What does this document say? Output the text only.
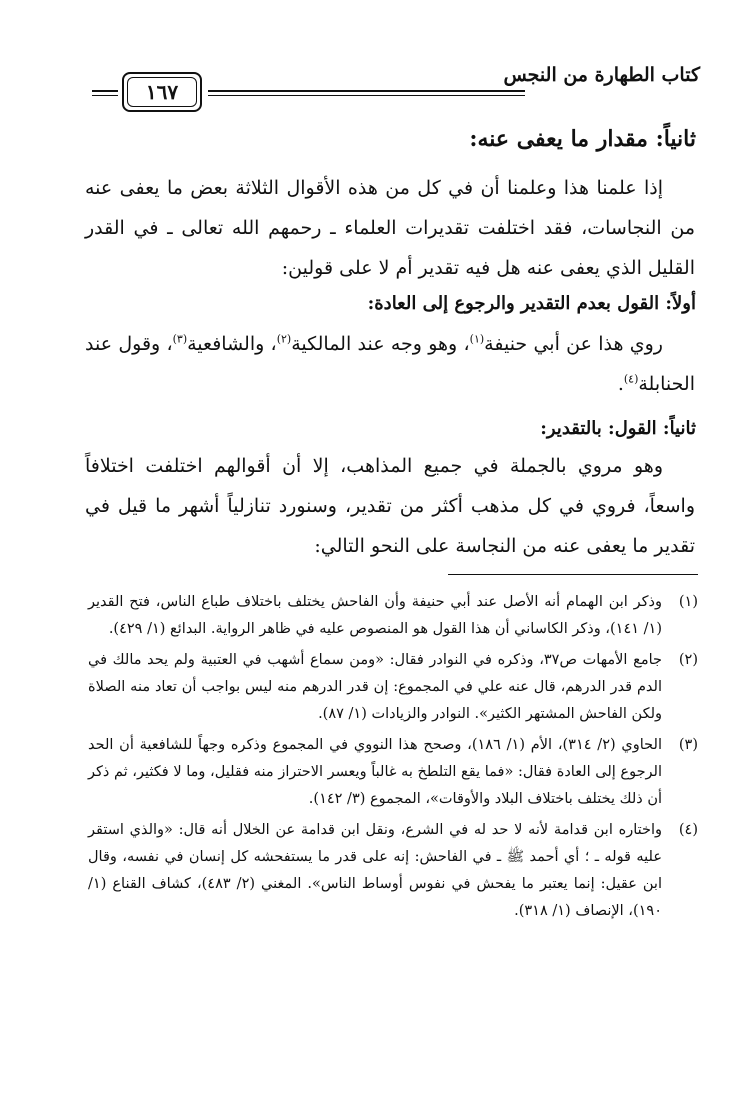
كتاب الطهارة من النجس
١٦٧
ثانياً: مقدار ما يعفى عنه:

إذا علمنا هذا وعلمنا أن في كل من هذه الأقوال الثلاثة بعض ما يعفى عنه من النجاسات، فقد اختلفت تقديرات العلماء ـ رحمهم الله تعالى ـ في القدر القليل الذي يعفى عنه هل فيه تقدير أم لا على قولين:

أولاً: القول بعدم التقدير والرجوع إلى العادة:

روي هذا عن أبي حنيفة$^{(١)}$، وهو وجه عند المالكية$^{(٢)}$، والشافعية$^{(٣)}$، وقول عند الحنابلة$^{(٤)}$.

ثانياً: القول: بالتقدير:

وهو مروي بالجملة في جميع المذاهب، إلا أن أقوالهم اختلفت اختلافاً واسعاً، فروي في كل مذهب أكثر من تقدير، وسنورد تنازلياً أشهر ما قيل في تقدير ما يعفى عنه من النجاسة على النحو التالي:

(١)
وذكر ابن الهمام أنه الأصل عند أبي حنيفة وأن الفاحش يختلف باختلاف طباع الناس، فتح القدير (١/ ١٤١)، وذكر الكاساني أن هذا القول هو المنصوص عليه في ظاهر الرواية. البدائع (١/ ٤٢٩).
(٢)
جامع الأمهات ص٣٧، وذكره في النوادر فقال: «ومن سماع أشهب في العتبية ولم يحد مالك في الدم قدر الدرهم، قال عنه علي في المجموع: إن قدر الدرهم منه ليس بواجب أن تعاد منه الصلاة ولكن الفاحش المشتهر الكثير». النوادر والزيادات (١/ ٨٧).
(٣)
الحاوي (٢/ ٣١٤)، الأم (١/ ١٨٦)، وصحح هذا النووي في المجموع وذكره وجهاً للشافعية أن الحد الرجوع إلى العادة فقال: «فما يقع التلطخ به غالباً ويعسر الاحتراز منه فقليل، وما لا فكثير، ثم ذكر أن ذلك يختلف باختلاف البلاد والأوقات»، المجموع (٣/ ١٤٢).
(٤)
واختاره ابن قدامة لأنه لا حد له في الشرع، ونقل ابن قدامة عن الخلال أنه قال: «والذي استقر عليه قوله ـ ؛ أي أحمد ﷺ ـ في الفاحش: إنه على قدر ما يستفحشه كل إنسان في نفسه، وقال ابن عقيل: إنما يعتبر ما يفحش في نفوس أوساط الناس». المغني (٢/ ٤٨٣)، كشاف القناع (١/ ١٩٠)، الإنصاف (١/ ٣١٨).
